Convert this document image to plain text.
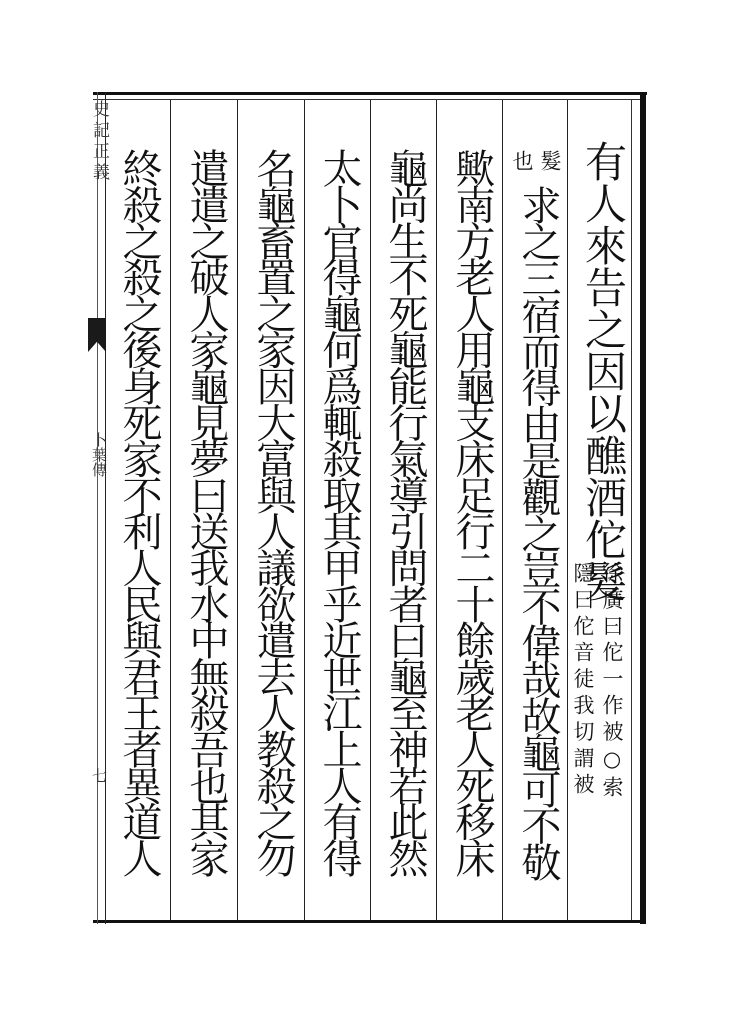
史記正義
卜葉傳
七
有人來告之因以醮酒佗髮
徐廣曰佗一作被○索
隱曰佗音徒我切謂被
髮
也
求之三宿而得由是觀之豈不偉哉故龜可不敬
歟南方老人用龜支床足行二十餘歲老人死移床
龜尚生不死龜能行氣導引問者曰龜至神若此然
太卜官得龜何爲輒殺取其甲乎近世江上人有得
名龜畜置之家因大富與人議欲遣去人教殺之勿
遣遣之破人家龜見夢曰送我水中無殺吾也其家
終殺之殺之後身死家不利人民與君王者異道人
